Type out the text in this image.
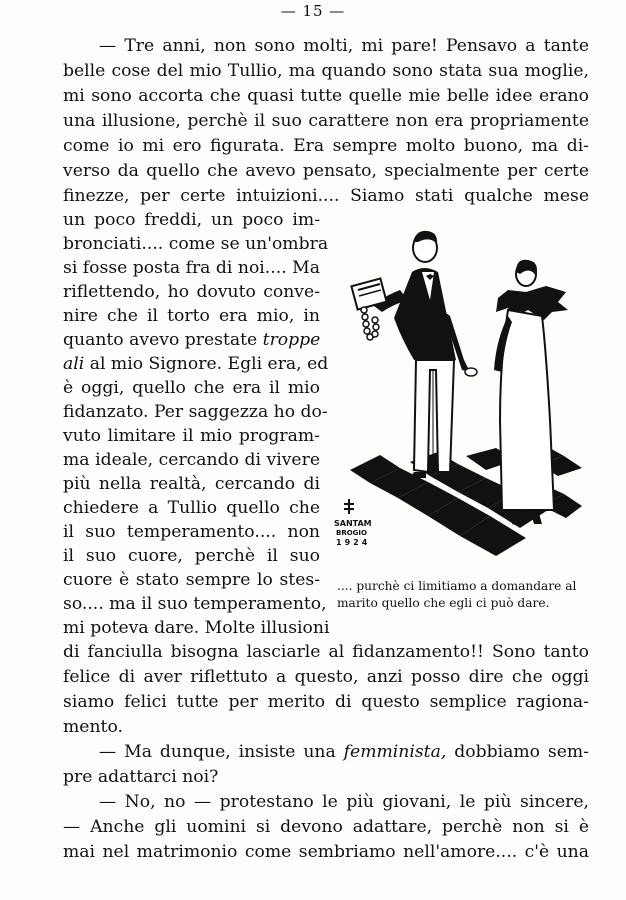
— 15 —
— Tre anni, non sono molti, mi pare! Pensavo a tante
belle cose del mio Tullio, ma quando sono stata sua moglie,
mi sono accorta che quasi tutte quelle mie belle idee erano
una illusione, perchè il suo carattere non era propriamente
come io mi ero figurata. Era sempre molto buono, ma di-
verso da quello che avevo pensato, specialmente per certe
finezze, per certe intuizioni.... Siamo stati qualche mese
un poco freddi, un poco im-
bronciati.... come se un'ombra
si fosse posta fra di noi.... Ma
riflettendo, ho dovuto conve-
nire che il torto era mio, in
quanto avevo prestate troppe
ali al mio Signore. Egli era, ed
è oggi, quello che era il mio
fidanzato. Per saggezza ho do-
vuto limitare il mio program-
ma ideale, cercando di vivere
più nella realtà, cercando di
chiedere a Tullio quello che
il suo temperamento.... non
il suo cuore, perchè il suo
cuore è stato sempre lo stes-
so.... ma il suo temperamento,
mi poteva dare. Molte illusioni
SANTAM
BROGIO
1924
.... purchè ci limitiamo a domandare al
marito quello che egli ci può dare.
di fanciulla bisogna lasciarle al fidanzamento!! Sono tanto
felice di aver riflettuto a questo, anzi posso dire che oggi
siamo felici tutte per merito di questo semplice ragiona-
mento.
— Ma dunque, insiste una femminista, dobbiamo sem-
pre adattarci noi?
— No, no — protestano le più giovani, le più sincere,
— Anche gli uomini si devono adattare, perchè non si è
mai nel matrimonio come sembriamo nell'amore.... c'è una
